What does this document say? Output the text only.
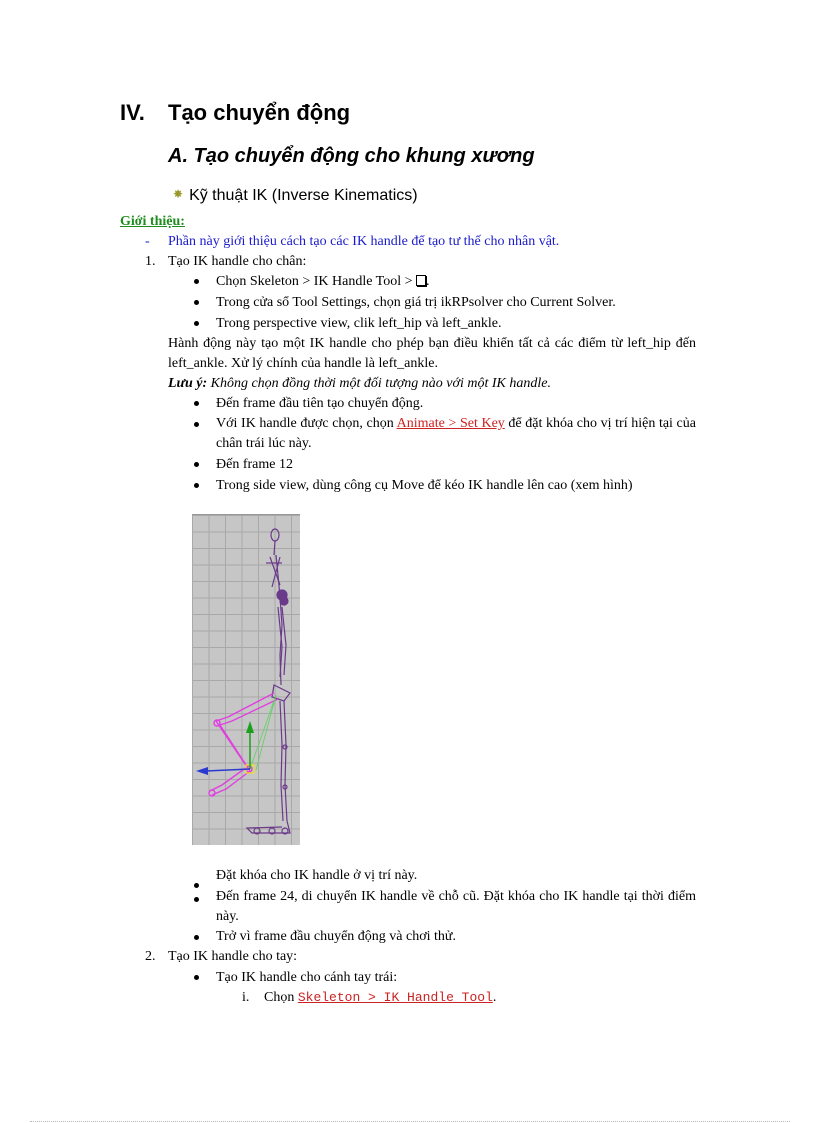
IV. Tạo chuyển động
A. Tạo chuyển động cho khung xương
✸ Kỹ thuật IK (Inverse Kinematics)
Giới thiệu:
- Phần này giới thiệu cách tạo các IK handle để tạo tư thế cho nhân vật.
1. Tạo IK handle cho chân:
Chọn Skeleton > IK Handle Tool > .
Trong cửa sổ Tool Settings, chọn giá trị ikRPsolver cho Current Solver.
Trong perspective view, clik left_hip và left_ankle.
Hành động này tạo một IK handle cho phép bạn điều khiển tất cả các điểm từ left_hip đến left_ankle. Xử lý chính của handle là left_ankle.
Lưu ý: Không chọn đồng thời một đối tượng nào với một IK handle.
Đến frame đầu tiên tạo chuyển động.
Với IK handle được chọn, chọn Animate > Set Key để đặt khóa cho vị trí hiện tại của chân trái lúc này.
Đến frame 12
Trong side view, dùng công cụ Move để kéo IK handle lên cao (xem hình)
Đặt khóa cho IK handle ở vị trí này.
Đến frame 24, di chuyển IK handle về chỗ cũ. Đặt khóa cho IK handle tại thời điểm này.
Trở vì frame đầu chuyển động và chơi thử.
2. Tạo IK handle cho tay:
Tạo IK handle cho cánh tay trái:
i. Chọn Skeleton > IK Handle Tool.
